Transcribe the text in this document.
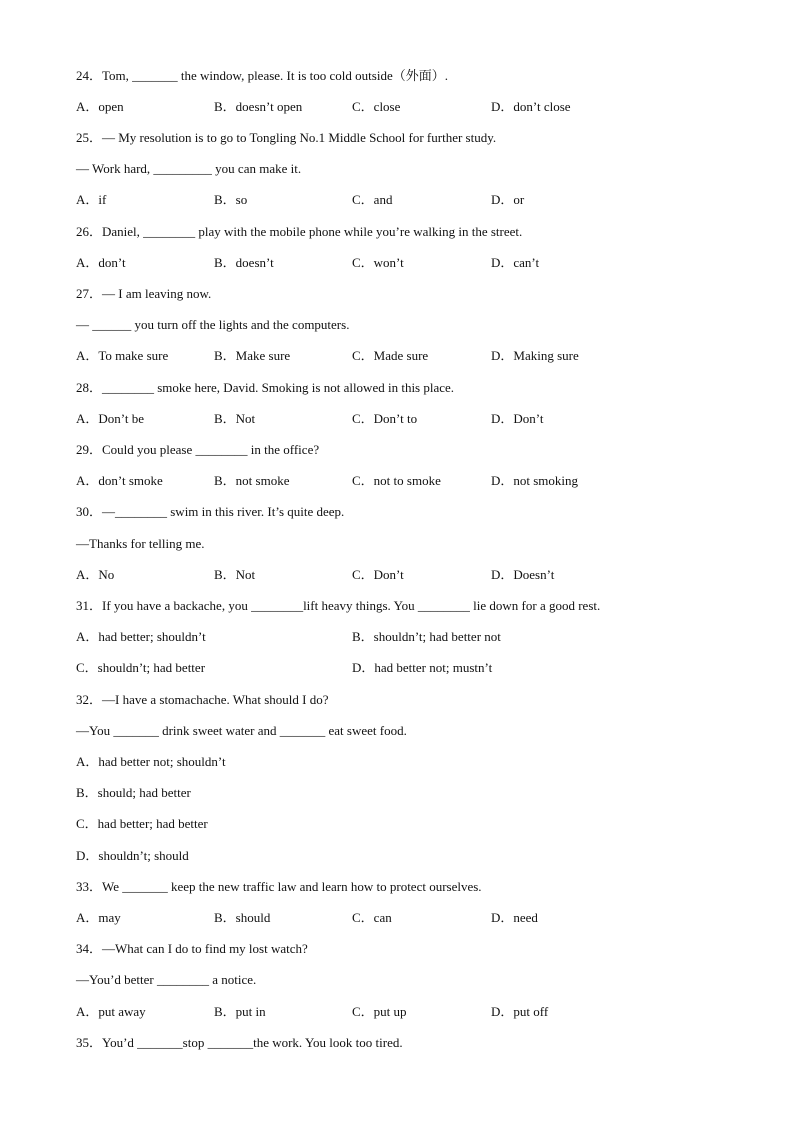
24．Tom, _______ the window, please. It is too cold outside（外面）.
A．open	B．doesn’t open	C．close	D．don’t close
25．— My resolution is to go to Tongling No.1 Middle School for further study.
— Work hard, _________ you can make it.
A．if	B．so	C．and	D．or
26．Daniel, ________ play with the mobile phone while you’re walking in the street.
A．don’t	B．doesn’t	C．won’t	D．can’t
27．— I am leaving now.
— ______ you turn off the lights and the computers.
A．To make sure	B．Make sure	C．Made sure	D．Making sure
28．________ smoke here, David. Smoking is not allowed in this place.
A．Don’t be	B．Not	C．Don’t to	D．Don’t
29．Could you please ________ in the office?
A．don’t smoke	B．not smoke	C．not to smoke	D．not smoking
30．—________ swim in this river. It’s quite deep.
—Thanks for telling me.
A．No	B．Not	C．Don’t	D．Doesn’t
31．If you have a backache, you ________lift heavy things. You ________ lie down for a good rest.
A．had better; shouldn’t	B．shouldn’t; had better not
C．shouldn’t; had better	D．had better not; mustn’t
32．—I have a stomachache. What should I do?
—You _______ drink sweet water and _______ eat sweet food.
A．had better not; shouldn’t
B．should; had better
C．had better; had better
D．shouldn’t; should
33．We _______ keep the new traffic law and learn how to protect ourselves.
A．may	B．should	C．can	D．need
34．—What can I do to find my lost watch?
—You’d better ________ a notice.
A．put away	B．put in	C．put up	D．put off
35．You’d _______stop _______the work. You look too tired.
